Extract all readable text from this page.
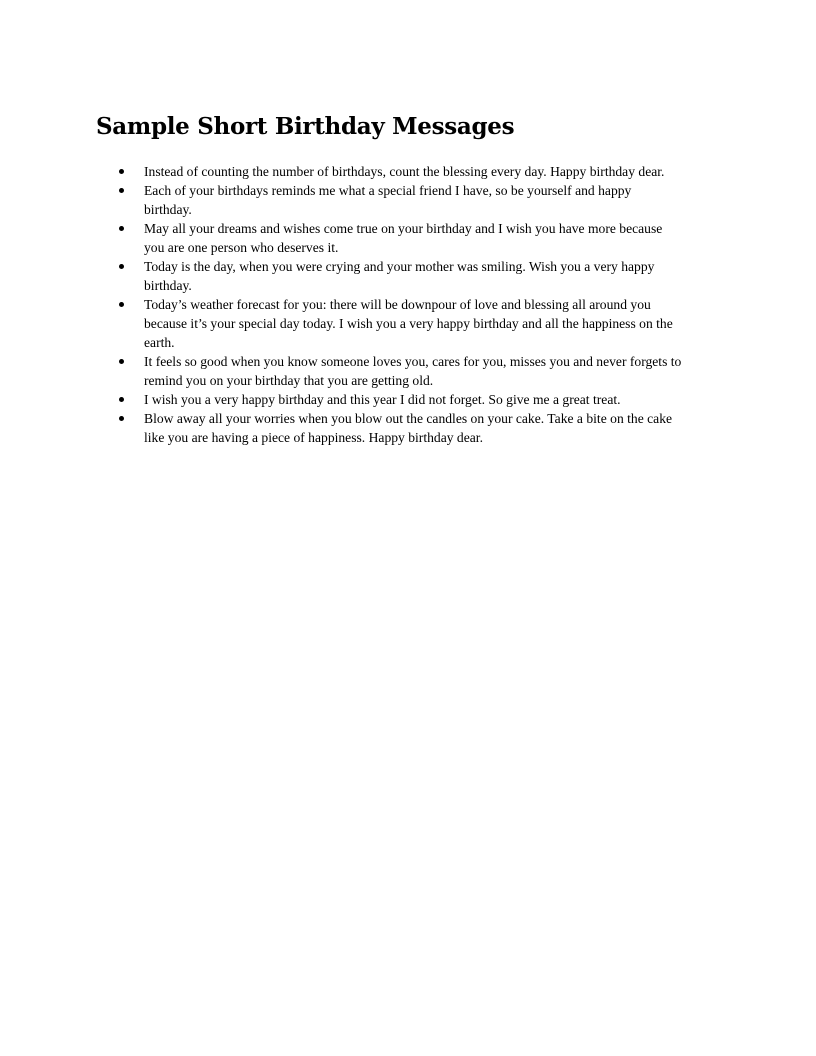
Sample Short Birthday Messages
Instead of counting the number of birthdays, count the blessing every day. Happy birthday dear.
Each of your birthdays reminds me what a special friend I have, so be yourself and happy
birthday.
May all your dreams and wishes come true on your birthday and I wish you have more because
you are one person who deserves it.
Today is the day, when you were crying and your mother was smiling. Wish you a very happy
birthday.
Today’s weather forecast for you: there will be downpour of love and blessing all around you
because it’s your special day today. I wish you a very happy birthday and all the happiness on the
earth.
It feels so good when you know someone loves you, cares for you, misses you and never forgets to
remind you on your birthday that you are getting old.
I wish you a very happy birthday and this year I did not forget. So give me a great treat.
Blow away all your worries when you blow out the candles on your cake. Take a bite on the cake
like you are having a piece of happiness. Happy birthday dear.
